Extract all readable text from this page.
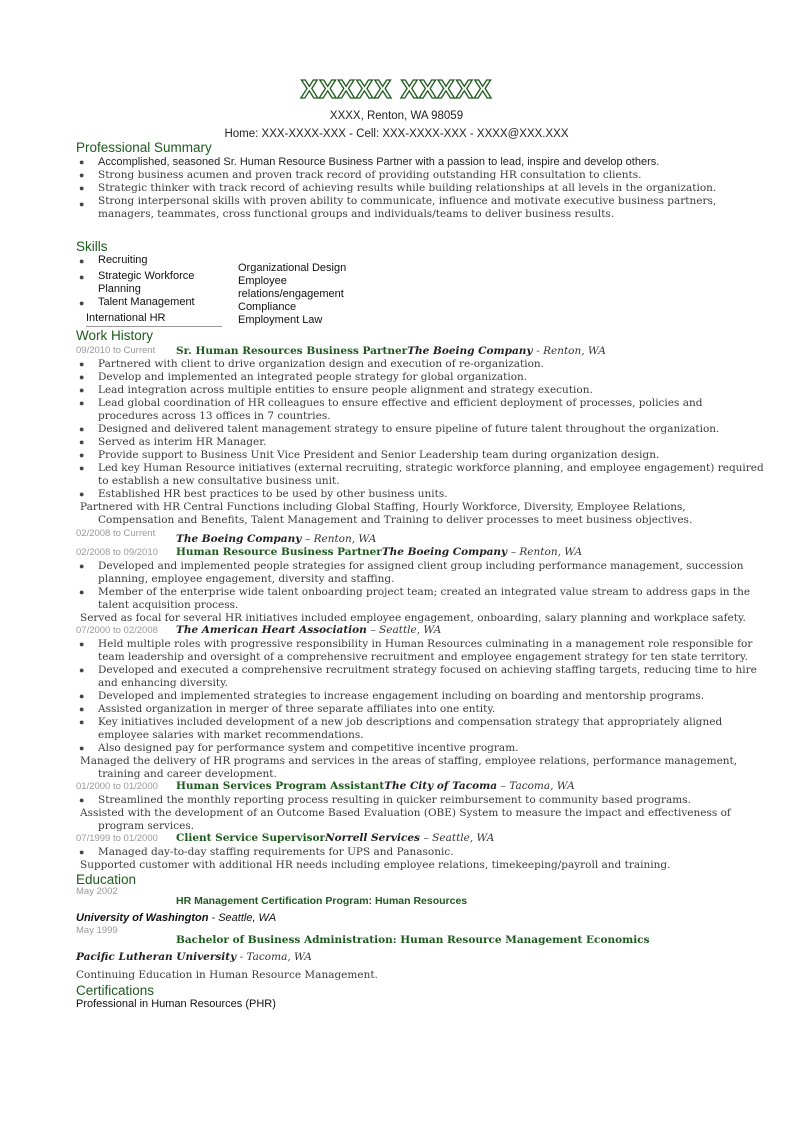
XXXXX XXXXX
XXXX, Renton, WA 98059
Home: XXX-XXXX-XXX - Cell: XXX-XXXX-XXX - XXXX@XXX.XXX
Professional Summary
● Accomplished, seasoned Sr. Human Resource Business Partner with a passion to lead, inspire and develop others.
● Strong business acumen and proven track record of providing outstanding HR consultation to clients.
● Strategic thinker with track record of achieving results while building relationships at all levels in the organization.
● Strong interpersonal skills with proven ability to communicate, influence and motivate executive business partners,
managers, teammates, cross functional groups and individuals/teams to deliver business results.
Skills
● Recruiting
● Strategic Workforce
Planning
● Talent Management
International HR
Organizational Design
Employee
relations/engagement
Compliance
Employment Law
Work History
09/2010 to Current Sr. Human Resources Business PartnerThe Boeing Company - Renton, WA
● Partnered with client to drive organization design and execution of re-organization.
● Develop and implemented an integrated people strategy for global organization.
● Lead integration across multiple entities to ensure people alignment and strategy execution.
● Lead global coordination of HR colleagues to ensure effective and efficient deployment of processes, policies and
procedures across 13 offices in 7 countries.
● Designed and delivered talent management strategy to ensure pipeline of future talent throughout the organization.
● Served as interim HR Manager.
● Provide support to Business Unit Vice President and Senior Leadership team during organization design.
● Led key Human Resource initiatives (external recruiting, strategic workforce planning, and employee engagement) required
to establish a new consultative business unit.
● Established HR best practices to be used by other business units.
Partnered with HR Central Functions including Global Staffing, Hourly Workforce, Diversity, Employee Relations,
Compensation and Benefits, Talent Management and Training to deliver processes to meet business objectives.
The Boeing Company – Renton, WA
02/2008 to Current
02/2008 to 09/2010 Human Resource Business PartnerThe Boeing Company – Renton, WA
● Developed and implemented people strategies for assigned client group including performance management, succession
planning, employee engagement, diversity and staffing.
● Member of the enterprise wide talent onboarding project team; created an integrated value stream to address gaps in the
talent acquisition process.
Served as focal for several HR initiatives included employee engagement, onboarding, salary planning and workplace safety.
07/2000 to 02/2008 The American Heart Association – Seattle, WA
● Held multiple roles with progressive responsibility in Human Resources culminating in a management role responsible for
team leadership and oversight of a comprehensive recruitment and employee engagement strategy for ten state territory.
● Developed and executed a comprehensive recruitment strategy focused on achieving staffing targets, reducing time to hire
and enhancing diversity.
● Developed and implemented strategies to increase engagement including on boarding and mentorship programs.
● Assisted organization in merger of three separate affiliates into one entity.
● Key initiatives included development of a new job descriptions and compensation strategy that appropriately aligned
employee salaries with market recommendations.
● Also designed pay for performance system and competitive incentive program.
Managed the delivery of HR programs and services in the areas of staffing, employee relations, performance management,
training and career development.
01/2000 to 01/2000 Human Services Program AssistantThe City of Tacoma – Tacoma, WA
● Streamlined the monthly reporting process resulting in quicker reimbursement to community based programs.
Assisted with the development of an Outcome Based Evaluation (OBE) System to measure the impact and effectiveness of
program services.
07/1999 to 01/2000 Client Service SupervisorNorrell Services – Seattle, WA
● Managed day-to-day staffing requirements for UPS and Panasonic.
Supported customer with additional HR needs including employee relations, timekeeping/payroll and training.
Education
May 2002
HR Management Certification Program: Human Resources
University of Washington - Seattle, WA
May 1999
Bachelor of Business Administration: Human Resource Management Economics
Pacific Lutheran University - Tacoma, WA
Continuing Education in Human Resource Management.
Certifications
Professional in Human Resources (PHR)
